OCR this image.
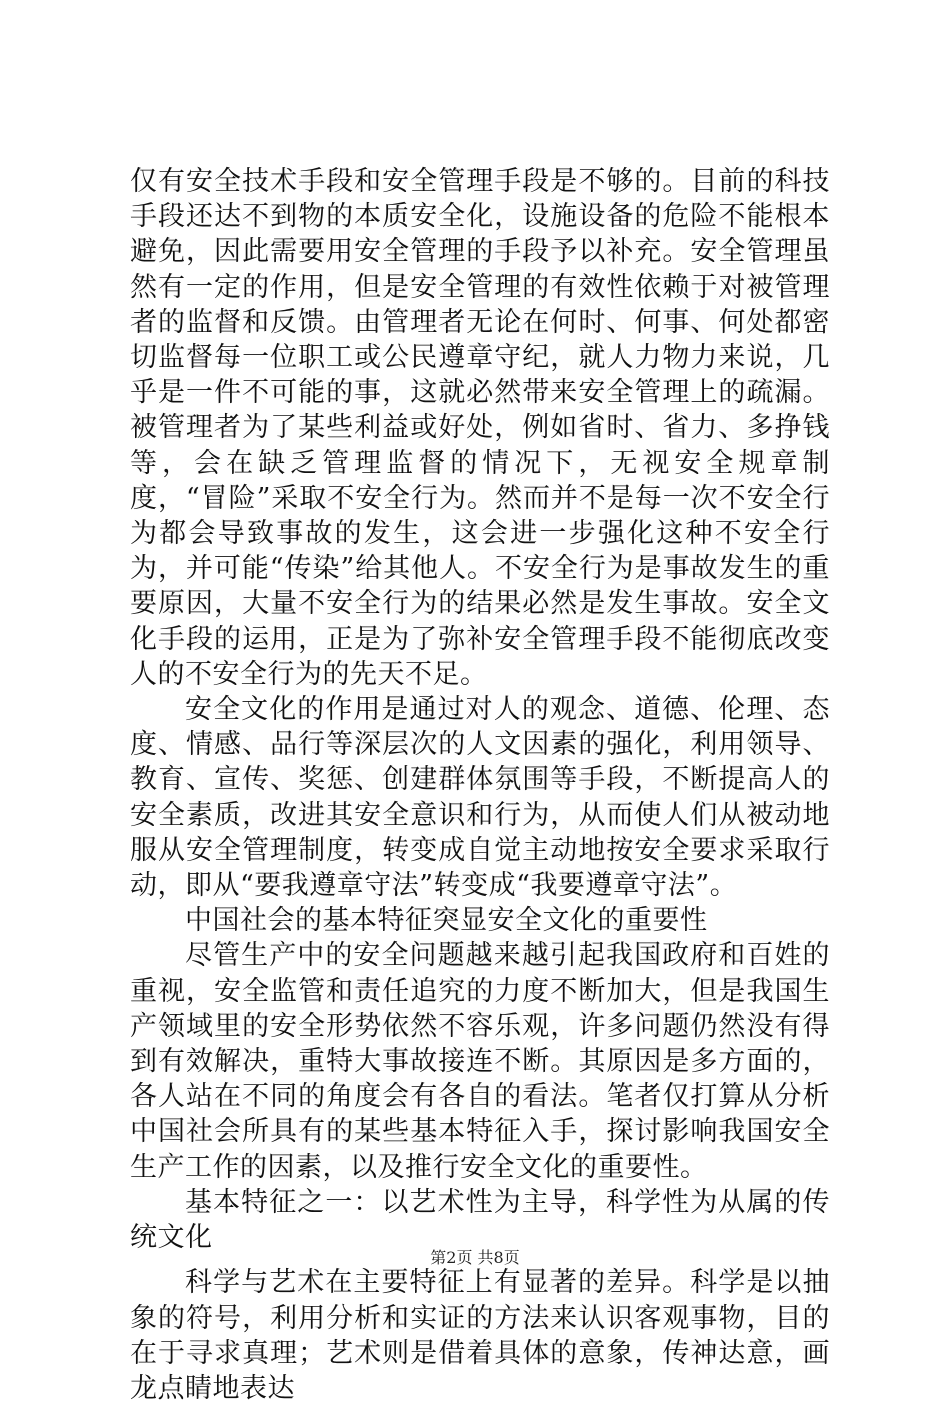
仅有安全技术手段和安全管理手段是不够的。目前的科技手段还达不到物的本质安全化，设施设备的危险不能根本避免，因此需要用安全管理的手段予以补充。安全管理虽然有一定的作用，但是安全管理的有效性依赖于对被管理者的监督和反馈。由管理者无论在何时、何事、何处都密切监督每一位职工或公民遵章守纪，就人力物力来说，几乎是一件不可能的事，这就必然带来安全管理上的疏漏。被管理者为了某些利益或好处，例如省时、省力、多挣钱等，会在缺乏管理监督的情况下，无视安全规章制度，“冒险”采取不安全行为。然而并不是每一次不安全行为都会导致事故的发生，这会进一步强化这种不安全行为，并可能“传染”给其他人。不安全行为是事故发生的重要原因，大量不安全行为的结果必然是发生事故。安全文化手段的运用，正是为了弥补安全管理手段不能彻底改变人的不安全行为的先天不足。

安全文化的作用是通过对人的观念、道德、伦理、态度、情感、品行等深层次的人文因素的强化，利用领导、教育、宣传、奖惩、创建群体氛围等手段，不断提高人的安全素质，改进其安全意识和行为，从而使人们从被动地服从安全管理制度，转变成自觉主动地按安全要求采取行动，即从“要我遵章守法”转变成“我要遵章守法”。

中国社会的基本特征突显安全文化的重要性

尽管生产中的安全问题越来越引起我国政府和百姓的重视，安全监管和责任追究的力度不断加大，但是我国生产领域里的安全形势依然不容乐观，许多问题仍然没有得到有效解决，重特大事故接连不断。其原因是多方面的，各人站在不同的角度会有各自的看法。笔者仅打算从分析中国社会所具有的某些基本特征入手，探讨影响我国安全生产工作的因素，以及推行安全文化的重要性。

基本特征之一：以艺术性为主导，科学性为从属的传统文化

科学与艺术在主要特征上有显著的差异。科学是以抽象的符号，利用分析和实证的方法来认识客观事物，目的在于寻求真理；艺术则是借着具体的意象，传神达意，画龙点睛地表达

第2页 共8页
